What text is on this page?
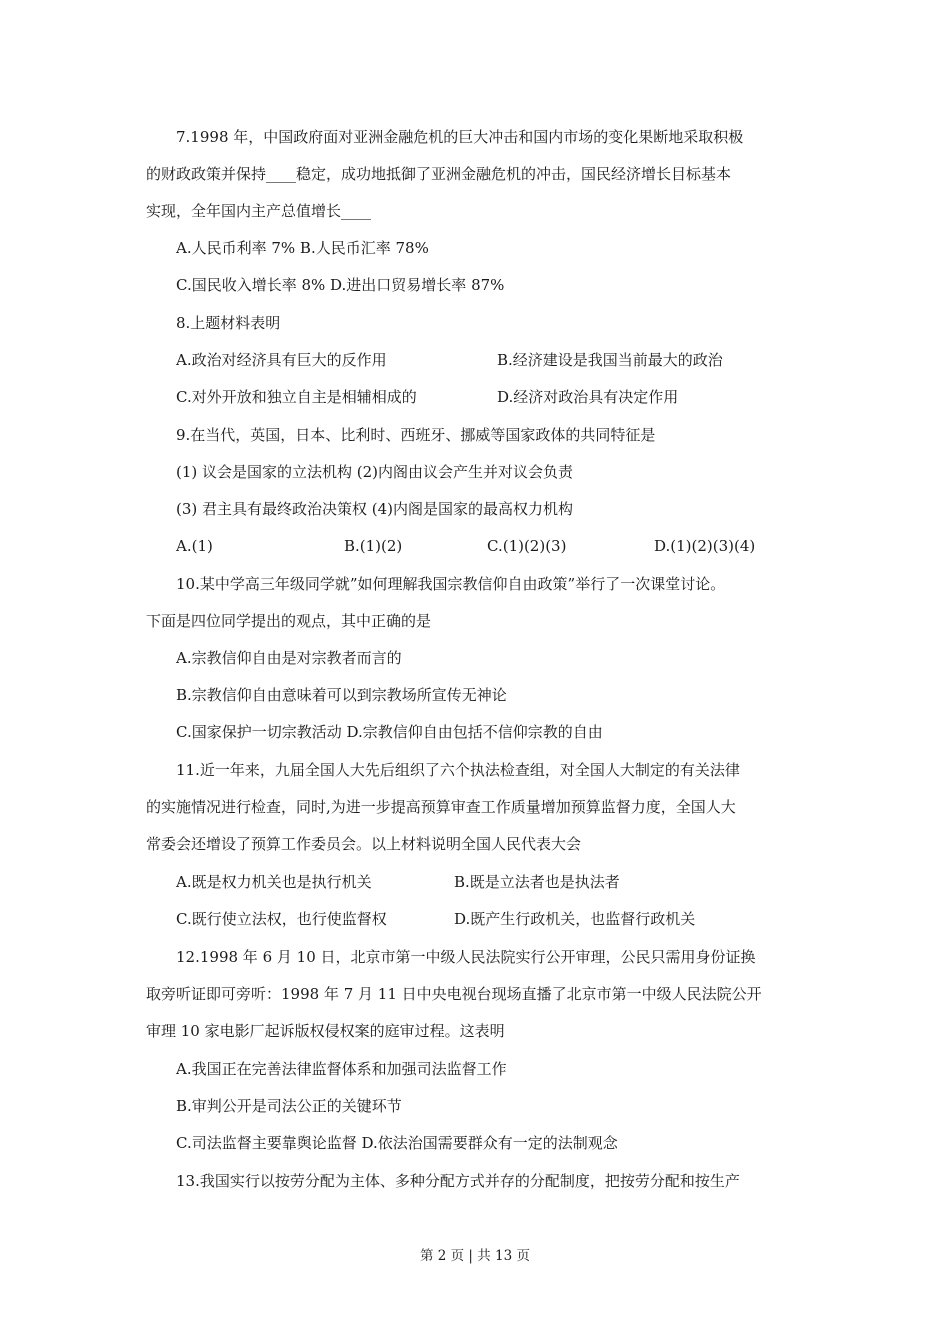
7.1998 年，中国政府面对亚洲金融危机的巨大冲击和国内市场的变化果断地采取积极
的财政政策并保持____稳定，成功地抵御了亚洲金融危机的冲击，国民经济增长目标基本
实现，全年国内主产总值增长____
A.人民币利率 7% B.人民币汇率 78%
C.国民收入增长率 8% D.进出口贸易增长率 87%
8.上题材料表明
A.政治对经济具有巨大的反作用	B.经济建设是我国当前最大的政治
C.对外开放和独立自主是相辅相成的	D.经济对政治具有决定作用
9.在当代，英国，日本、比利时、西班牙、挪威等国家政体的共同特征是
(1) 议会是国家的立法机构 (2)内阁由议会产生并对议会负责
(3) 君主具有最终政治决策权 (4)内阁是国家的最高权力机构
A.(1)	B.(1)(2)	C.(1)(2)(3)	D.(1)(2)(3)(4)
10.某中学高三年级同学就”如何理解我国宗教信仰自由政策”举行了一次课堂讨论。
下面是四位同学提出的观点，其中正确的是
A.宗教信仰自由是对宗教者而言的
B.宗教信仰自由意味着可以到宗教场所宣传无神论
C.国家保护一切宗教活动 D.宗教信仰自由包括不信仰宗教的自由
11.近一年来，九届全国人大先后组织了六个执法检查组，对全国人大制定的有关法律
的实施情况进行检查，同时,为进一步提高预算审查工作质量增加预算监督力度，全国人大
常委会还增设了预算工作委员会。以上材料说明全国人民代表大会
A.既是权力机关也是执行机关	B.既是立法者也是执法者
C.既行使立法权，也行使监督权	D.既产生行政机关，也监督行政机关
12.1998 年 6 月 10 日，北京市第一中级人民法院实行公开审理，公民只需用身份证换
取旁听证即可旁听：1998 年 7 月 11 日中央电视台现场直播了北京市第一中级人民法院公开
审理 10 家电影厂起诉版权侵权案的庭审过程。这表明
A.我国正在完善法律监督体系和加强司法监督工作
B.审判公开是司法公正的关键环节
C.司法监督主要靠舆论监督 D.依法治国需要群众有一定的法制观念
13.我国实行以按劳分配为主体、多种分配方式并存的分配制度，把按劳分配和按生产
第 2 页 | 共 13 页
